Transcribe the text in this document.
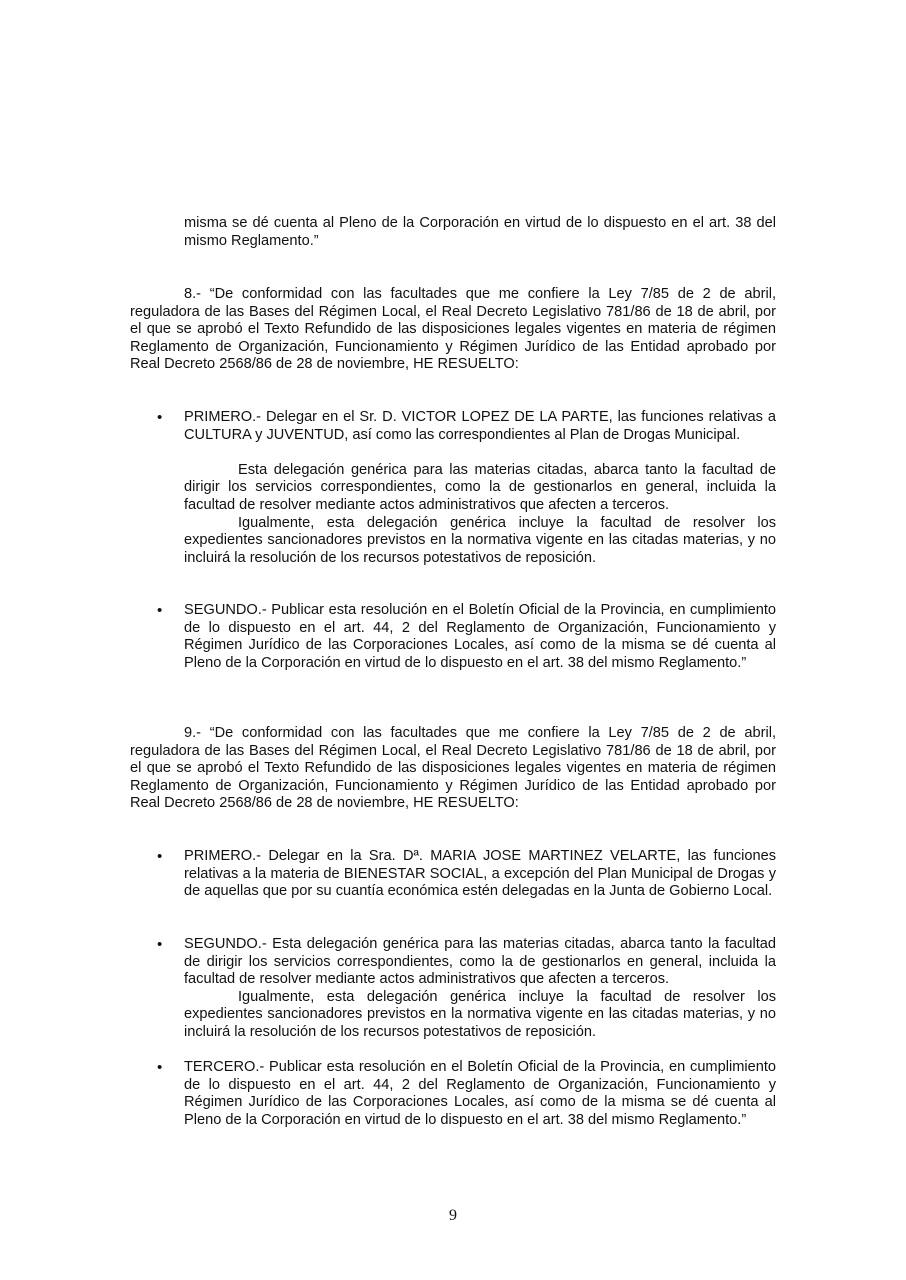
misma se dé cuenta al Pleno de la Corporación en virtud de lo dispuesto en el art. 38 del mismo Reglamento.”

8.- “De conformidad con las facultades que me confiere la Ley 7/85 de 2 de abril, reguladora de las Bases del Régimen Local, el Real Decreto Legislativo 781/86 de 18 de abril, por el que se aprobó el Texto Refundido de las disposiciones legales vigentes en materia de régimen Reglamento de Organización, Funcionamiento y Régimen Jurídico de las Entidad aprobado por Real Decreto 2568/86 de 28 de noviembre, HE RESUELTO:

• PRIMERO.- Delegar en el Sr. D. VICTOR LOPEZ DE LA PARTE, las funciones relativas a CULTURA y JUVENTUD, así como las correspondientes al Plan de Drogas Municipal.

Esta delegación genérica para las materias citadas, abarca tanto la facultad de dirigir los servicios correspondientes, como la de gestionarlos en general, incluida la facultad de resolver mediante actos administrativos que afecten a terceros.

Igualmente, esta delegación genérica incluye la facultad de resolver los expedientes sancionadores previstos en la normativa vigente en las citadas materias, y no incluirá la resolución de los recursos potestativos de reposición.

• SEGUNDO.- Publicar esta resolución en el Boletín Oficial de la Provincia, en cumplimiento de lo dispuesto en el art. 44, 2 del Reglamento de Organización, Funcionamiento y Régimen Jurídico de las Corporaciones Locales, así como de la misma se dé cuenta al Pleno de la Corporación en virtud de lo dispuesto en el art. 38 del mismo Reglamento.”

9.- “De conformidad con las facultades que me confiere la Ley 7/85 de 2 de abril, reguladora de las Bases del Régimen Local, el Real Decreto Legislativo 781/86 de 18 de abril, por el que se aprobó el Texto Refundido de las disposiciones legales vigentes en materia de régimen Reglamento de Organización, Funcionamiento y Régimen Jurídico de las Entidad aprobado por Real Decreto 2568/86 de 28 de noviembre, HE RESUELTO:

• PRIMERO.- Delegar en la Sra. Dª. MARIA JOSE MARTINEZ VELARTE, las funciones relativas a la materia de BIENESTAR SOCIAL, a excepción del Plan Municipal de Drogas y de aquellas que por su cuantía económica estén delegadas en la Junta de Gobierno Local.

• SEGUNDO.- Esta delegación genérica para las materias citadas, abarca tanto la facultad de dirigir los servicios correspondientes, como la de gestionarlos en general, incluida la facultad de resolver mediante actos administrativos que afecten a terceros.

Igualmente, esta delegación genérica incluye la facultad de resolver los expedientes sancionadores previstos en la normativa vigente en las citadas materias, y no incluirá la resolución de los recursos potestativos de reposición.

• TERCERO.- Publicar esta resolución en el Boletín Oficial de la Provincia, en cumplimiento de lo dispuesto en el art. 44, 2 del Reglamento de Organización, Funcionamiento y Régimen Jurídico de las Corporaciones Locales, así como de la misma se dé cuenta al Pleno de la Corporación en virtud de lo dispuesto en el art. 38 del mismo Reglamento.”

9
